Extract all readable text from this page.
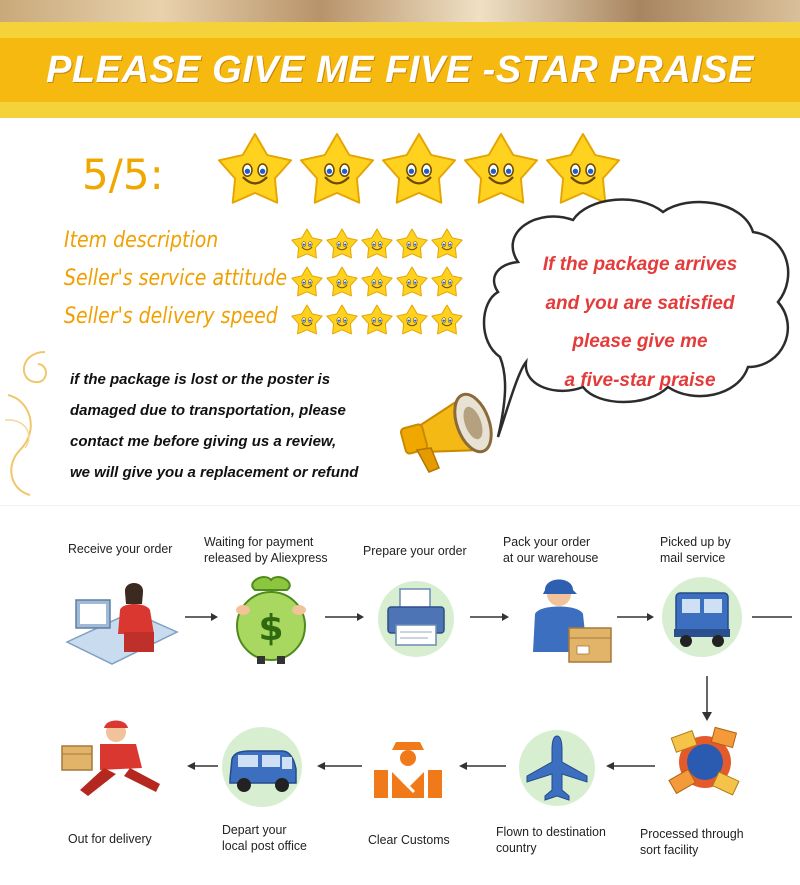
PLEASE GIVE ME FIVE -STAR PRAISE
5/5:
Item description
Seller's service attitude
Seller's delivery speed
If the package arrives
and you are satisfied
please give me
a five-star praise
if the package is lost or the poster is
damaged due to transportation, please
contact me before giving us a review,
we will give you a replacement or refund
Receive your order Waiting for payment
released by Aliexpress	Prepare your order
Pack your order
at our warehouse
Picked up by
mail service
Processed through
sort facility
Flown to destination
country
Clear Customs
Depart your
local post office
Out for delivery
$
